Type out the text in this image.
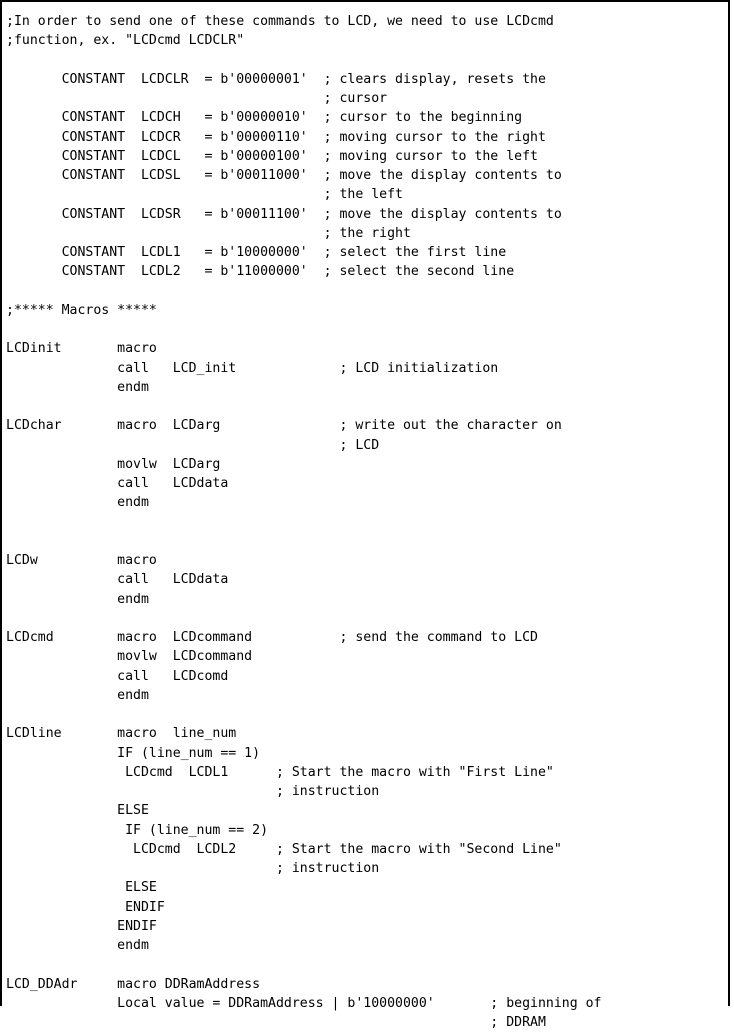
;In order to send one of these commands to LCD, we need to use LCDcmd
;function, ex. "LCDcmd LCDCLR"
CONSTANT  LCDCLR  = b'00000001'  ; clears display, resets the
; cursor
CONSTANT  LCDCH   = b'00000010'  ; cursor to the beginning
CONSTANT  LCDCR   = b'00000110'  ; moving cursor to the right
CONSTANT  LCDCL   = b'00000100'  ; moving cursor to the left
CONSTANT  LCDSL   = b'00011000'  ; move the display contents to
; the left
CONSTANT  LCDSR   = b'00011100'  ; move the display contents to
; the right
CONSTANT  LCDL1   = b'10000000'  ; select the first line
CONSTANT  LCDL2   = b'11000000'  ; select the second line
;***** Macros *****
LCDinit       macro
call   LCD_init             ; LCD initialization
endm
LCDchar       macro  LCDarg               ; write out the character on
; LCD
movlw  LCDarg
call   LCDdata
endm
LCDw          macro
call   LCDdata
endm
LCDcmd        macro  LCDcommand           ; send the command to LCD
movlw  LCDcommand
call   LCDcomd
endm
LCDline       macro  line_num
IF (line_num == 1)
LCDcmd  LCDL1      ; Start the macro with "First Line"
; instruction
ELSE
IF (line_num == 2)
LCDcmd  LCDL2     ; Start the macro with "Second Line"
; instruction
ELSE
ENDIF
ENDIF
endm
LCD_DDAdr     macro DDRamAddress
Local value = DDRamAddress | b'10000000'       ; beginning of
; DDRAM
